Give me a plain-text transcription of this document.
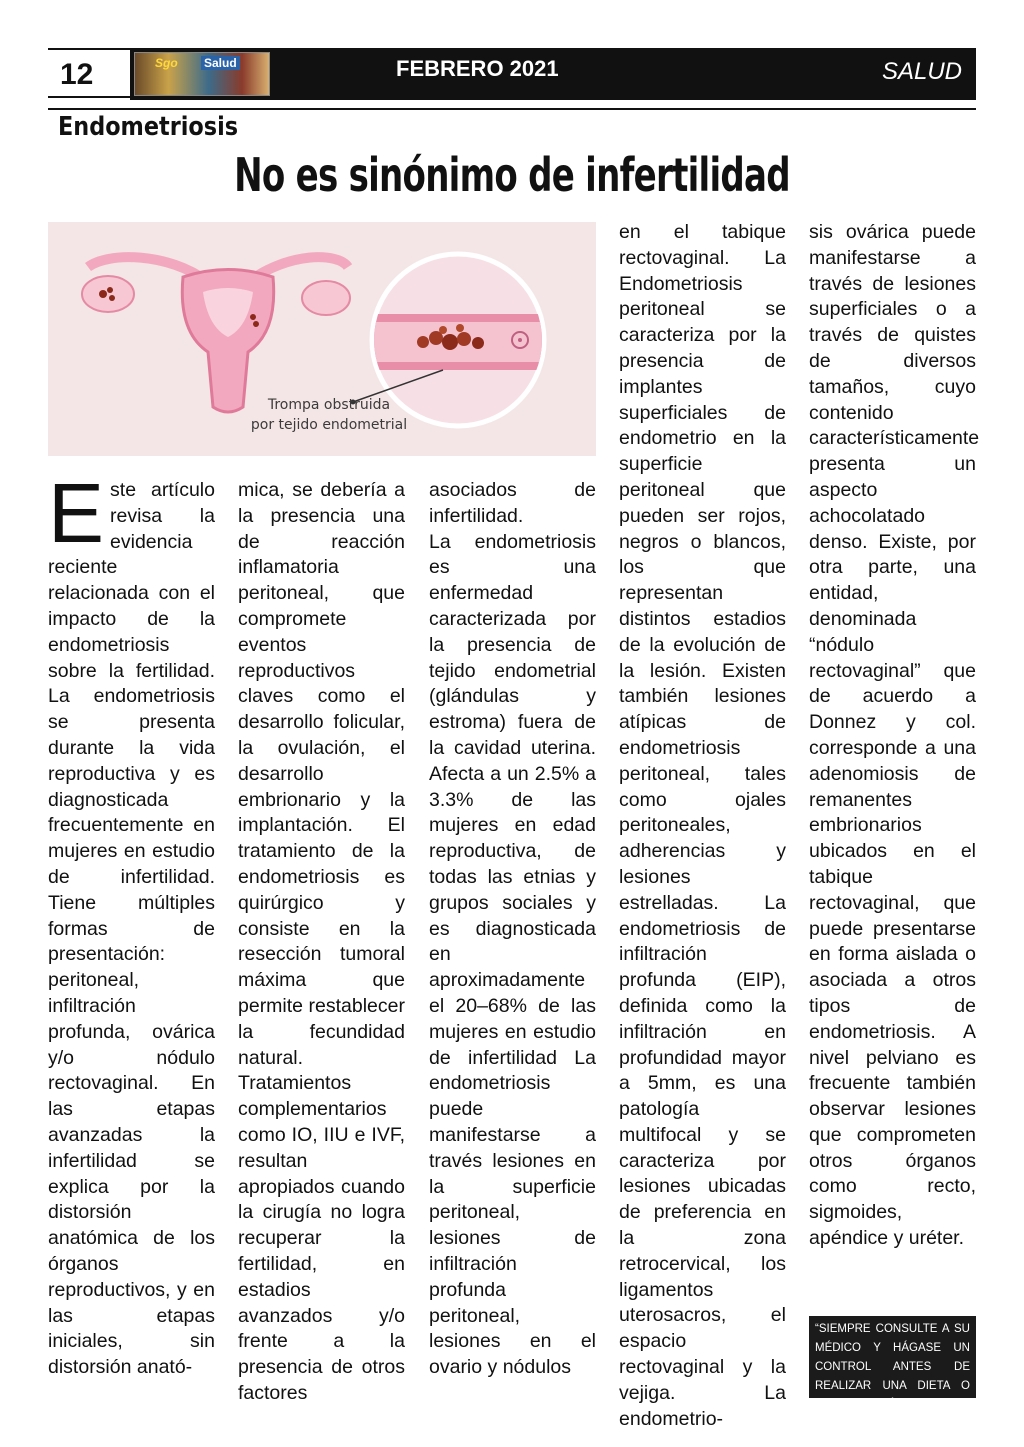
12	Sgo Salud	FEBRERO 2021	SALUD
Endometriosis
No es sinónimo de infertilidad
Trompa obstruida
por tejido endometrial

Este artículo revisa la evidencia reciente relacionada con el impacto de la endometriosis sobre la fertilidad. La endometriosis se presenta durante la vida reproductiva y es diagnosticada frecuentemente en mujeres en estudio de infertilidad. Tiene múltiples formas de presentación: peritoneal, infiltración profunda, ovárica y/o nódulo rectovaginal. En las etapas avanzadas la infertilidad se explica por la distorsión anatómica de los órganos reproductivos, y en las etapas iniciales, sin distorsión anató-

mica, se debería a la presencia una de reacción inflamatoria peritoneal, que compromete eventos reproductivos claves como el desarrollo folicular, la ovulación, el desarrollo embrionario y la implantación. El tratamiento de la endometriosis es quirúrgico y consiste en la resección tumoral máxima que permite restablecer la fecundidad natural. Tratamientos complementarios como IO, IIU e IVF, resultan apropiados cuando la cirugía no logra recuperar la fertilidad, en estadios avanzados y/o frente a la presencia de otros factores

asociados de infertilidad.

La endometriosis es una enfermedad caracterizada por la presencia de tejido endometrial (glándulas y estroma) fuera de la cavidad uterina. Afecta a un 2.5% a 3.3% de las mujeres en edad reproductiva, de todas las etnias y grupos sociales y es diagnosticada en aproximadamente el 20–68% de las mujeres en estudio de infertilidad La endometriosis puede manifestarse a través lesiones en la superficie peritoneal, lesiones de infiltración profunda peritoneal, lesiones en el ovario y nódulos

en el tabique rectovaginal. La Endometriosis peritoneal se caracteriza por la presencia de implantes superficiales de endometrio en la superficie peritoneal que pueden ser rojos, negros o blancos, los que representan distintos estadios de la evolución de la lesión. Existen también lesiones atípicas de endometriosis peritoneal, tales como ojales peritoneales, adherencias y lesiones estrelladas. La endometriosis de infiltración profunda (EIP), definida como la infiltración en profundidad mayor a 5mm, es una patología multifocal y se caracteriza por lesiones ubicadas de preferencia en la zona retrocervical, los ligamentos uterosacros, el espacio rectovaginal y la vejiga. La endometrio-

sis ovárica puede manifestarse a través de lesiones superficiales o a través de quistes de diversos tamaños, cuyo contenido característicamente presenta un aspecto achocolatado denso. Existe, por otra parte, una entidad, denominada “nódulo rectovaginal” que de acuerdo a Donnez y col. corresponde a una adenomiosis de remanentes embrionarios ubicados en el tabique rectovaginal, que puede presentarse en forma aislada o asociada a otros tipos de endometriosis. A nivel pelviano es frecuente también observar lesiones que comprometen otros órganos como recto, sigmoides, apéndice y uréter.

“SIEMPRE CONSULTE A SU MÉDICO Y HÁGASE UN CONTROL ANTES DE REALIZAR UNA DIETA O ACTIVADAD FÍSICA”
